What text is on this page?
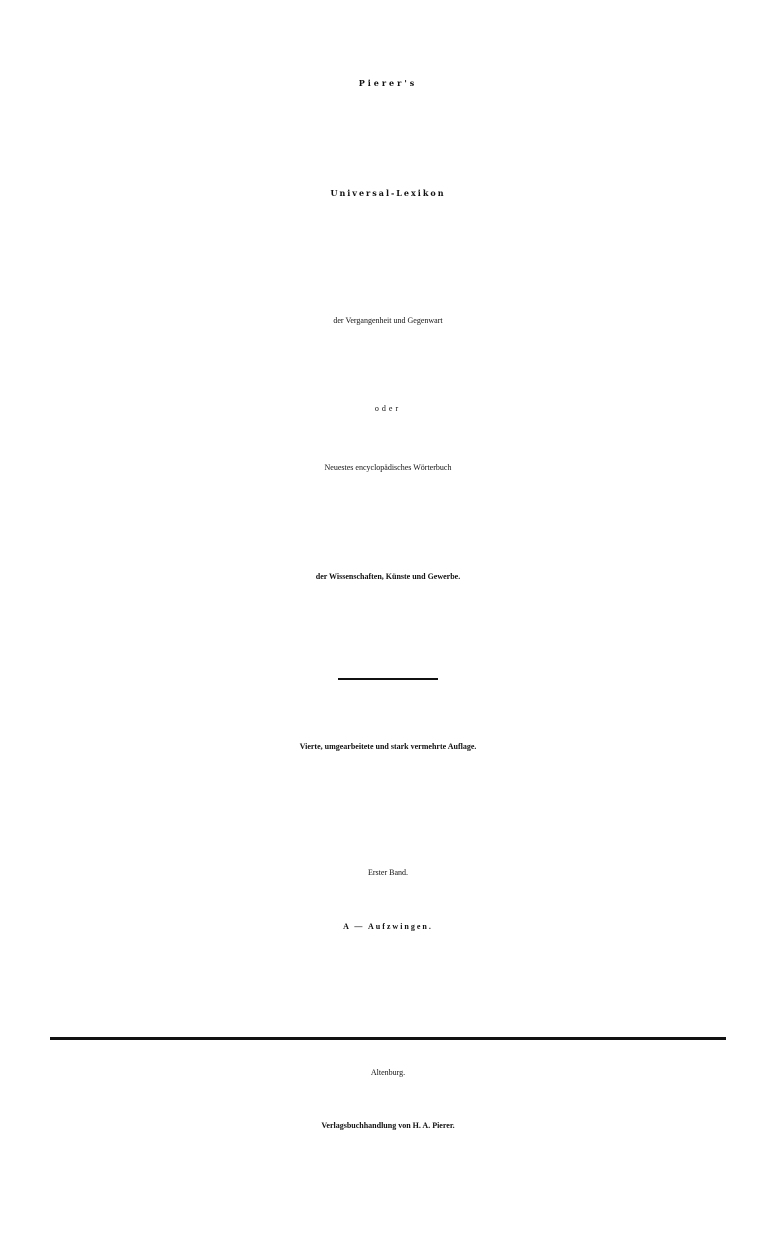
Pierer's
Universal-Lexikon
der Vergangenheit und Gegenwart
oder
Neuestes encyclopädisches Wörterbuch
der Wissenschaften, Künste und Gewerbe.
Vierte, umgearbeitete und stark vermehrte Auflage.
Erster Band.
A — Aufzwingen.
Altenburg.
Verlagsbuchhandlung von H. A. Pierer.
